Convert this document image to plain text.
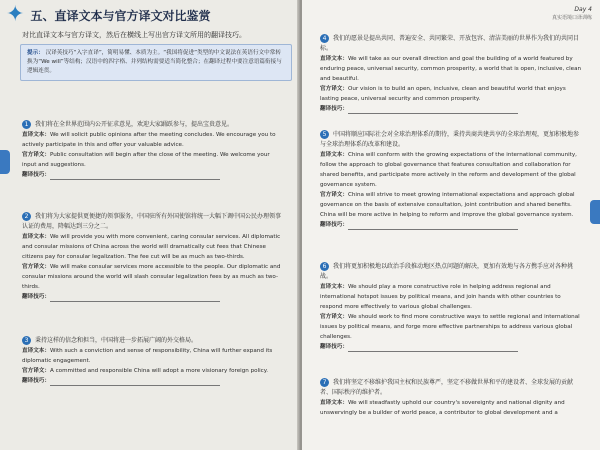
✦ 五、直译文本与官方译文对比鉴赏
对比直译文本与官方译文，然后在横线上写出官方译文所用的翻译技巧。
提示： 汉译英技巧“入字直译”，简明易懂、本质为主。“我国将促进”类型的中文说法在英语行文中常转换为“We will”等结构；汉语中的四字格、并列结构需要适当简化整合；在翻译过程中要注意语篇衔接与逻辑连贯。
1 我们将在全世界范围内公开征求意见，欢迎大家踊跃参与，提出宝贵意见。
直译文本：We will solicit public opinions after the meeting concludes. We encourage you to actively participate in this and offer your valuable advice.
官方译文：Public consultation will begin after the close of the meeting. We welcome your input and suggestions.
翻译技巧：
2 我们将为大家提供更便捷的领事服务，中国驻所有外国使馆将统一大幅下调中国公民办理领事认证的费用，降幅达到三分之二。
直译文本：We will provide you with more convenient, caring consular services. All diplomatic and consular missions of China across the world will dramatically cut fees that Chinese citizens pay for consular legalization. The fee cut will be as much as two-thirds.
官方译文：We will make consular services more accessible to the people. Our diplomatic and consular missions around the world will slash consular legalization fees by as much as two-thirds.
翻译技巧：
3 秉持这样的信念和担当，中国将进一步拓展广阔的外交格局。
直译文本：With such a conviction and sense of responsibility, China will further expand its diplomatic engagement.
官方译文：A committed and responsible China will adopt a more visionary foreign policy.
翻译技巧：
Day 4
真实语境口译训练
4 我们的愿景是提出共同、普遍安全、共同繁荣、开放包容、清洁美丽的世界作为我们的共同目标。
直译文本：We will take as our overall direction and goal the building of a world featured by enduring peace, universal security, common prosperity, a world that is open, inclusive, clean and beautiful.
官方译文：Our vision is to build an open, inclusive, clean and beautiful world that enjoys lasting peace, universal security and common prosperity.
翻译技巧：
5 中国将顺应国际社会对全球治理体系的期待，秉持共商共建共享的全球治理观，更加积极地参与全球治理体系的改革和建设。
直译文本：China will conform with the growing expectations of the international community, follow the approach to global governance that features consultation and collaboration for shared benefits, and participate more actively in the reform and development of the global governance system.
官方译文：China will strive to meet growing international expectations and approach global governance on the basis of extensive consultation, joint contribution and shared benefits. China will be more active in helping to reform and improve the global governance system.
翻译技巧：
6 我们将更加积极地以政治手段推动地区热点问题的解决，更加有效地与各方携手应对各种挑战。
直译文本：We should play a more constructive role in helping address regional and international hotspot issues by political means, and join hands with other countries to respond more effectively to various global challenges.
官方译文：We should work to find more constructive ways to settle regional and international issues by political means, and forge more effective partnerships to address various global challenges.
翻译技巧：
7 我们将坚定不移维护我国主权和民族尊严，坚定不移做世界和平的建设者、全球发展的贡献者、国际秩序的维护者。
直译文本：We will steadfastly uphold our country's sovereignty and national dignity and unswervingly be a builder of world peace, a contributor to global development and a
